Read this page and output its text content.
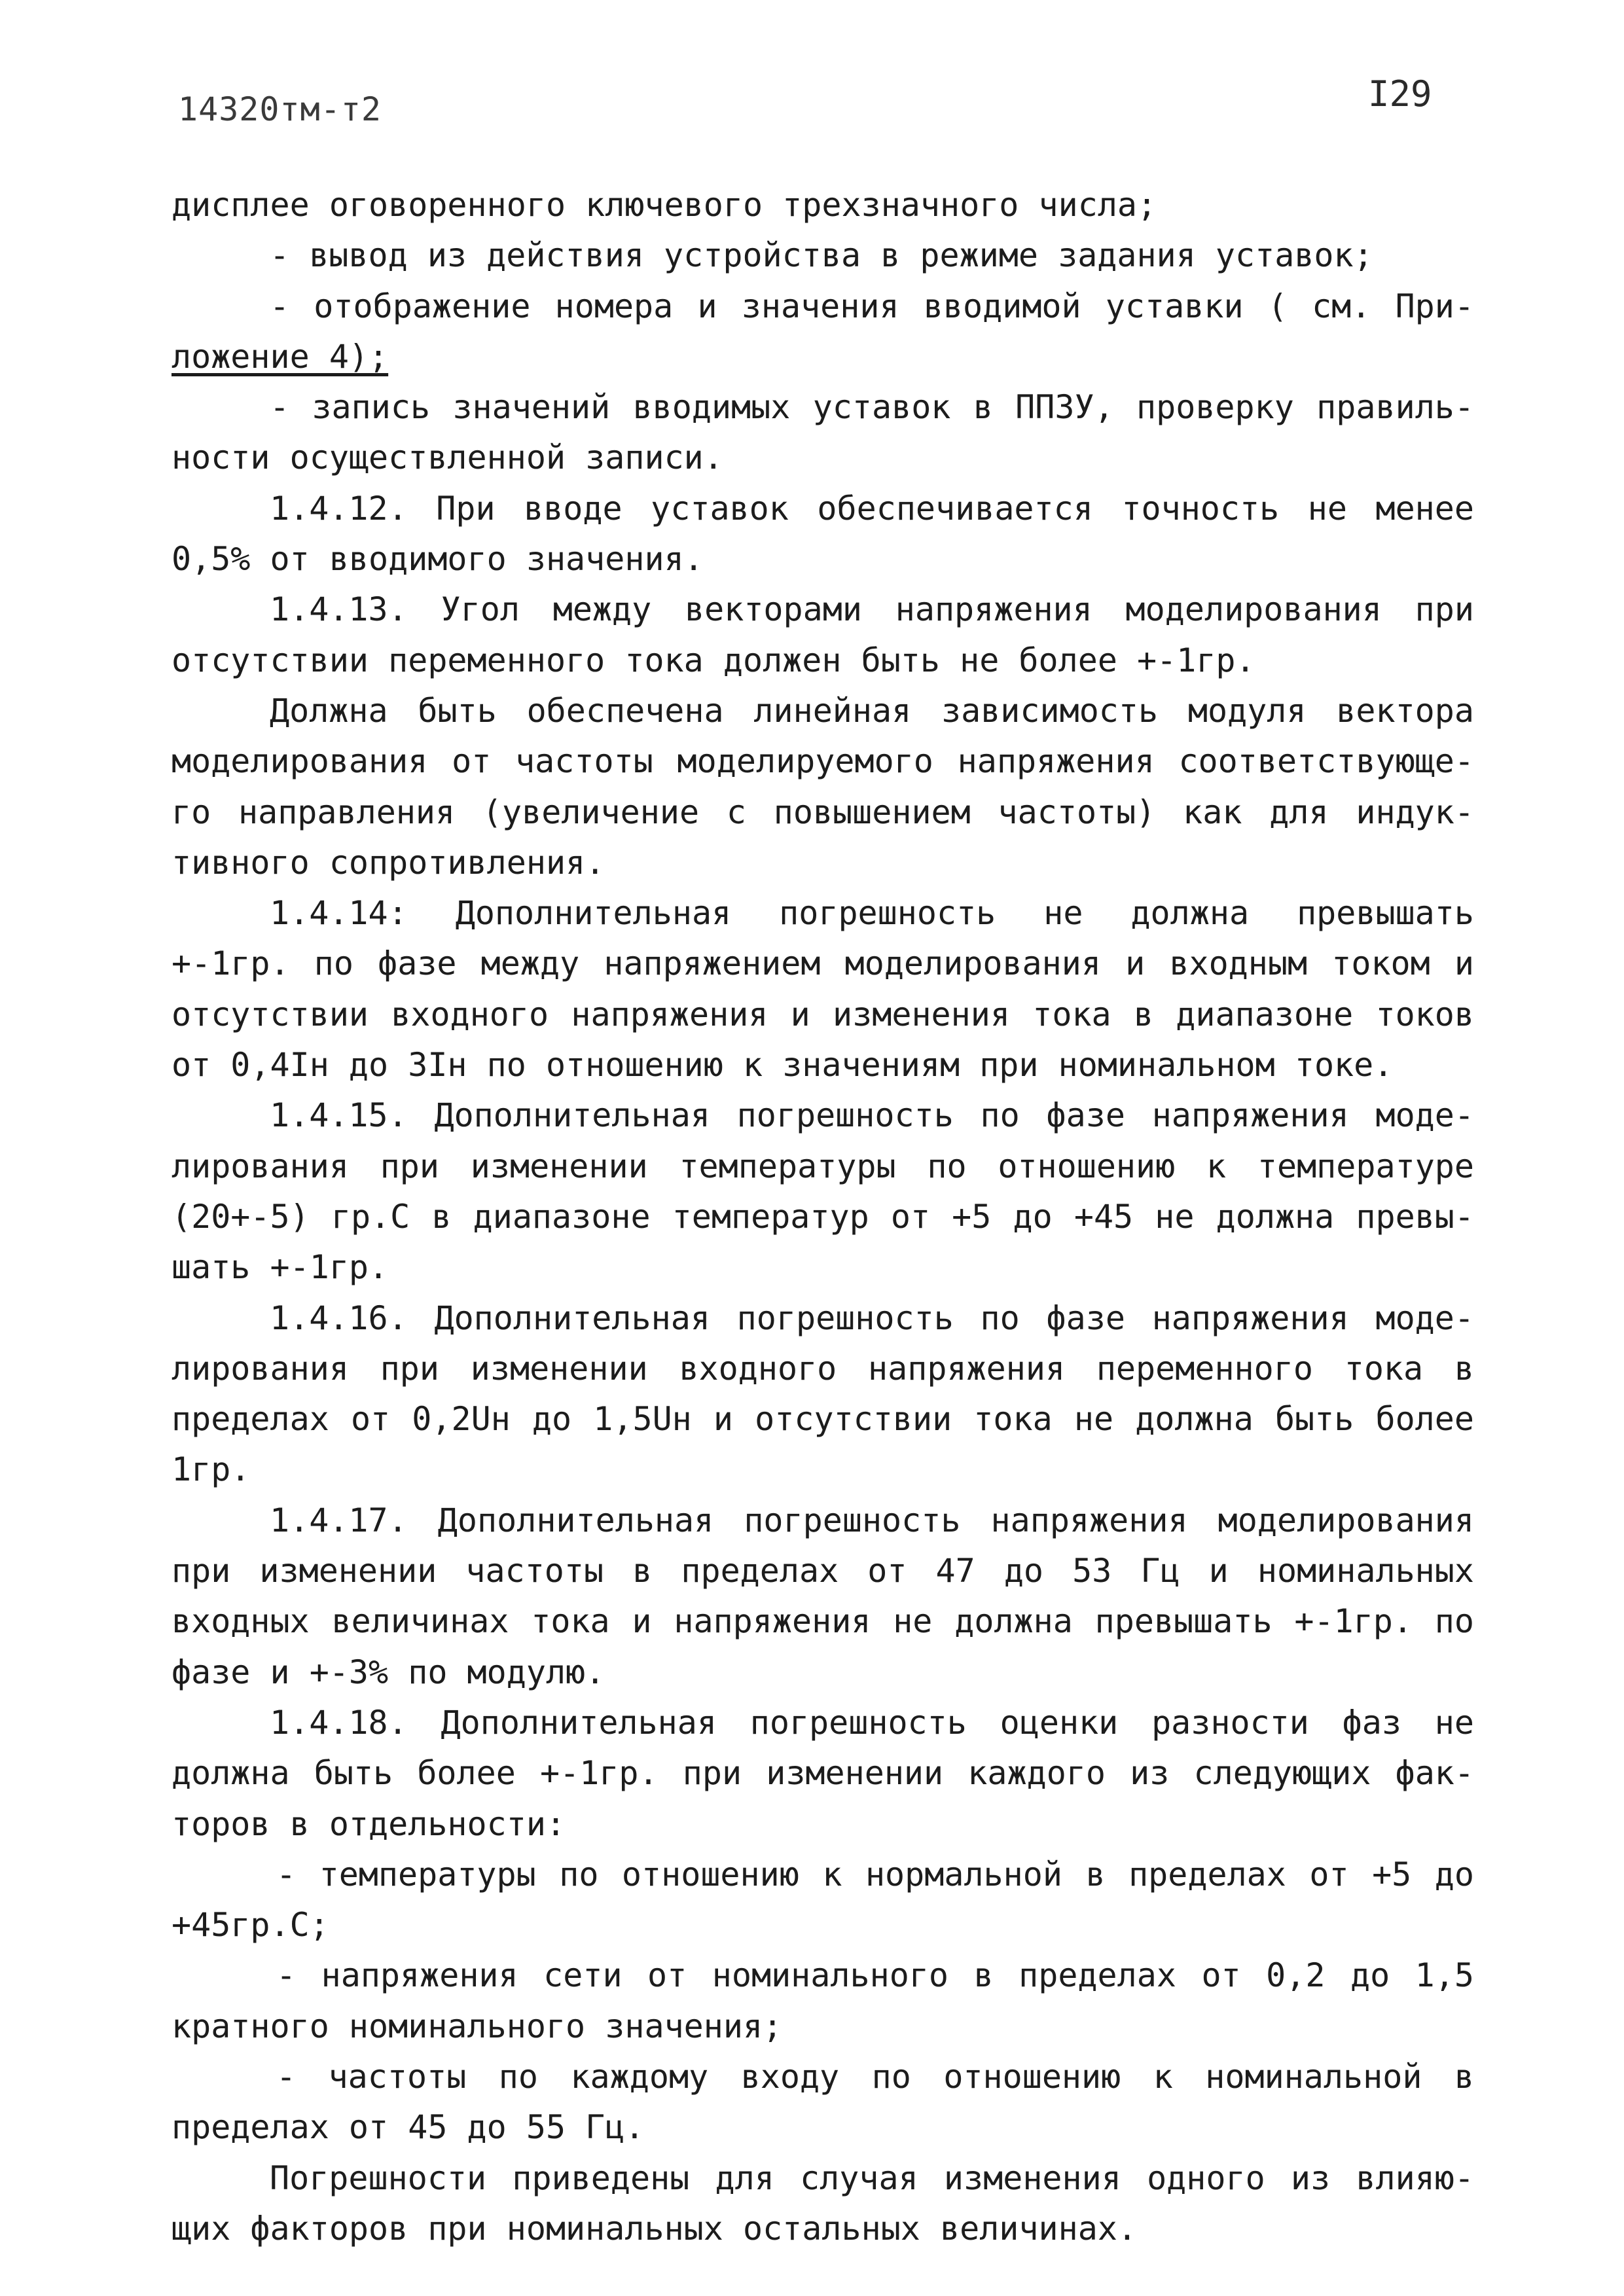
14320тм-т2	I29
дисплее оговоренного ключевого трехзначного числа;
- вывод из действия устройства в режиме задания уставок;
- отображение номера и значения вводимой уставки ( см. При-
ложение 4);
- запись значений вводимых уставок в ППЗУ, проверку правиль-
ности осуществленной записи.
1.4.12. При вводе уставок обеспечивается точность не менее
0,5% от вводимого значения.
1.4.13. Угол между векторами напряжения моделирования при
отсутствии переменного тока должен быть не более +-1гр.
Должна быть обеспечена линейная зависимость модуля вектора
моделирования от частоты моделируемого напряжения соответствующе-
го направления (увеличение с повышением частоты) как для индук-
тивного сопротивления.
1.4.14: Дополнительная погрешность не должна превышать
+-1гр. по фазе между напряжением моделирования и входным током и
отсутствии входного напряжения и изменения тока в диапазоне токов
от 0,4Iн до 3Iн по отношению к значениям при номинальном токе.
1.4.15. Дополнительная погрешность по фазе напряжения моде-
лирования при изменении температуры по отношению к температуре
(20+-5) гр.С в диапазоне температур от +5 до +45 не должна превы-
шать +-1гр.
1.4.16. Дополнительная погрешность по фазе напряжения моде-
лирования при изменении входного напряжения переменного тока в
пределах от 0,2Uн до 1,5Uн и отсутствии тока не должна быть более
1гр.
1.4.17. Дополнительная погрешность напряжения моделирования
при изменении частоты в пределах от 47 до 53 Гц и номинальных
входных величинах тока и напряжения не должна превышать +-1гр. по
фазе и +-3% по модулю.
1.4.18. Дополнительная погрешность оценки разности фаз не
должна быть более +-1гр. при изменении каждого из следующих фак-
торов в отдельности:
- температуры по отношению к нормальной в пределах от +5 до
+45гр.С;
- напряжения сети от номинального в пределах от 0,2 до 1,5
кратного номинального значения;
- частоты по каждому входу по отношению к номинальной в
пределах от 45 до 55 Гц.
Погрешности приведены для случая изменения одного из влияю-
щих факторов при номинальных остальных величинах.
